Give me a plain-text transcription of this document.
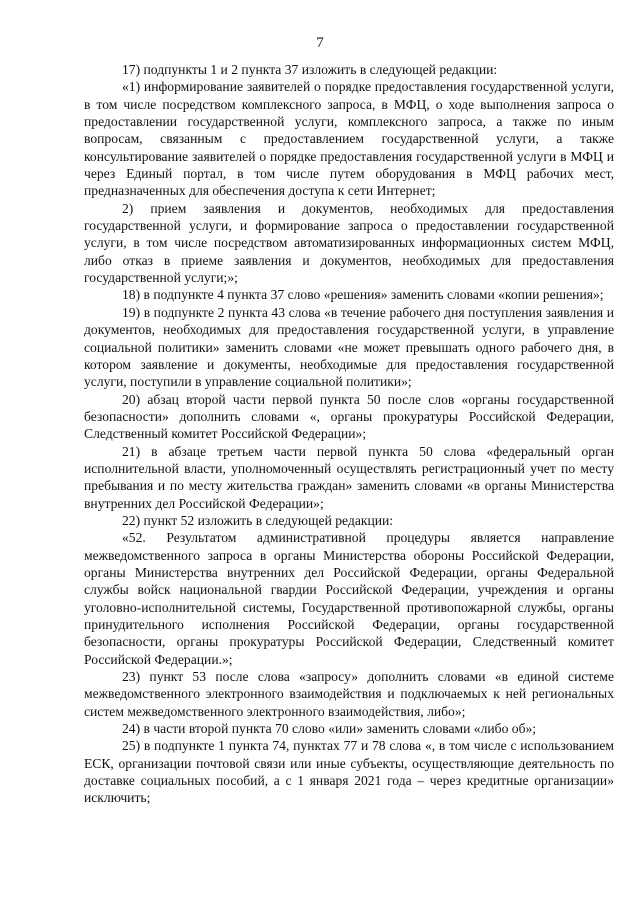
7

17) подпункты 1 и 2 пункта 37 изложить в следующей редакции:

«1) информирование заявителей о порядке предоставления государственной услуги, в том числе посредством комплексного запроса, в МФЦ, о ходе выполнения запроса о предоставлении государственной услуги, комплексного запроса, а также по иным вопросам, связанным с предоставлением государственной услуги, а также консультирование заявителей о порядке предоставления государственной услуги в МФЦ и через Единый портал, в том числе путем оборудования в МФЦ рабочих мест, предназначенных для обеспечения доступа к сети Интернет;

2) прием заявления и документов, необходимых для предоставления государственной услуги, и формирование запроса о предоставлении государственной услуги, в том числе посредством автоматизированных информационных систем МФЦ, либо отказ в приеме заявления и документов, необходимых для предоставления государственной услуги;»;

18) в подпункте 4 пункта 37 слово «решения» заменить словами «копии решения»;

19) в подпункте 2 пункта 43 слова «в течение рабочего дня поступления заявления и документов, необходимых для предоставления государственной услуги, в управление социальной политики» заменить словами «не может превышать одного рабочего дня, в котором заявление и документы, необходимые для предоставления государственной услуги, поступили в управление социальной политики»;

20) абзац второй части первой пункта 50 после слов «органы государственной безопасности» дополнить словами «, органы прокуратуры Российской Федерации, Следственный комитет Российской Федерации»;

21) в абзаце третьем части первой пункта 50 слова «федеральный орган исполнительной власти, уполномоченный осуществлять регистрационный учет по месту пребывания и по месту жительства граждан» заменить словами «в органы Министерства внутренних дел Российской Федерации»;

22) пункт 52 изложить в следующей редакции:

«52. Результатом административной процедуры является направление межведомственного запроса в органы Министерства обороны Российской Федерации, органы Министерства внутренних дел Российской Федерации, органы Федеральной службы войск национальной гвардии Российской Федерации, учреждения и органы уголовно-исполнительной системы, Государственной противопожарной службы, органы принудительного исполнения Российской Федерации, органы государственной безопасности, органы прокуратуры Российской Федерации, Следственный комитет Российской Федерации.»;

23) пункт 53 после слова «запросу» дополнить словами «в единой системе межведомственного электронного взаимодействия и подключаемых к ней региональных систем межведомственного электронного взаимодействия, либо»;

24) в части второй пункта 70 слово «или» заменить словами «либо об»;

25) в подпункте 1 пункта 74, пунктах 77 и 78 слова «, в том числе с использованием ЕСК, организации почтовой связи или иные субъекты, осуществляющие деятельность по доставке социальных пособий, а с 1 января 2021 года – через кредитные организации» исключить;
